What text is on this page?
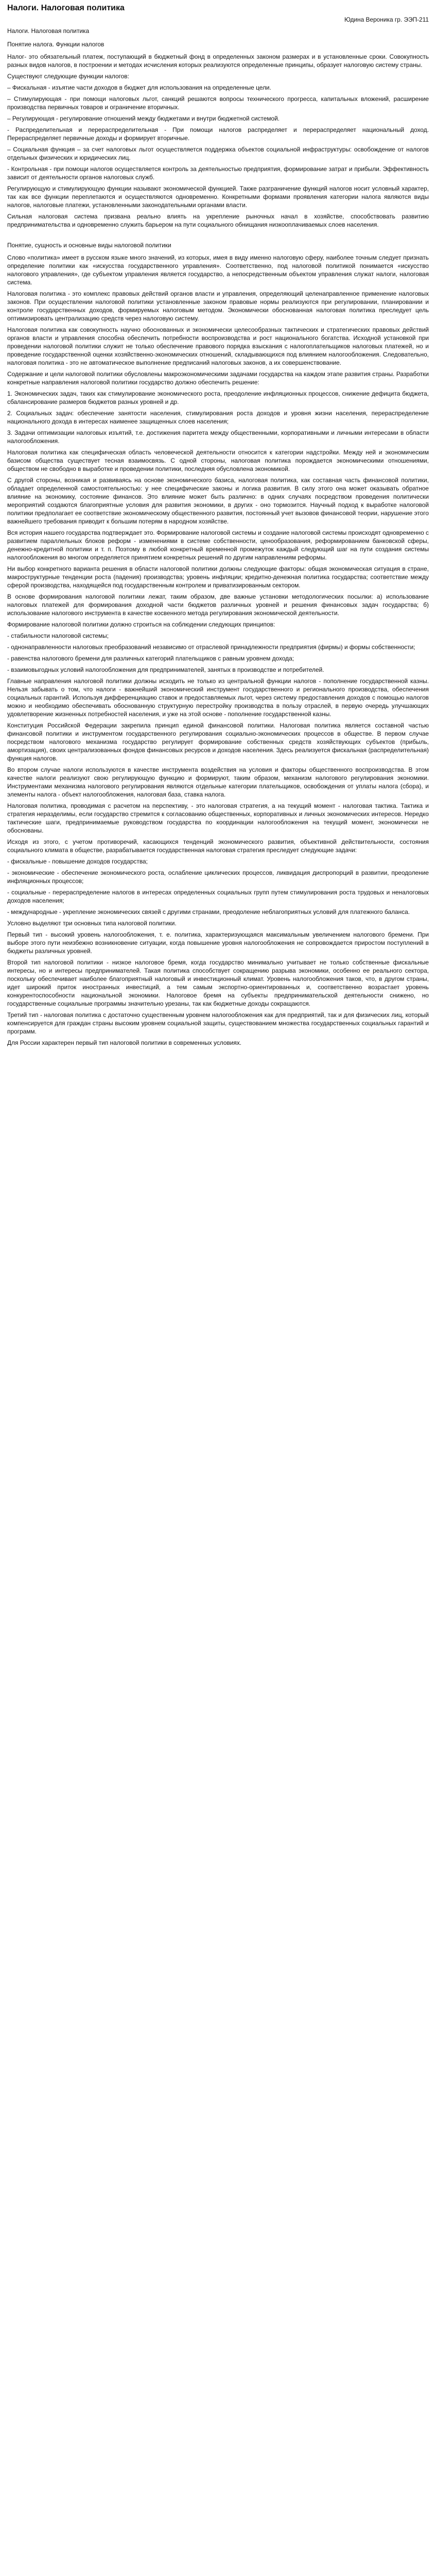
Налоги. Налоговая политика
Юдина Вероника гр. ЭЭП-211
Налоги. Налоговая политика

Понятие налога. Функции налогов

Налог- это обязательный платеж, поступающий в бюджетный фонд в определенных законом размерах и в установленные сроки. Совокупность разных видов налогов, в построении и методах исчисления которых реализуются определенные принципы, образует налоговую систему страны.

Существуют следующие функции налогов:

– Фискальная - изъятие части доходов в бюджет для использования на определенные цели.

– Стимулирующая - при помощи налоговых льгот, санкций решаются вопросы технического прогресса, капитальных вложений, расширение производства первичных товаров и ограничение вторичных.

– Регулирующая - регулирование отношений между бюджетами и внутри бюджетной системой.

- Распределительная и перераспределительная - При помощи налогов распределяет и перераспределяет национальный доход. Перераспределяет первичные доходы и формирует вторичные.

– Социальная функция – за счет налоговых льгот осуществляется поддержка объектов социальной инфраструктуры: освобождение от налогов отдельных физических и юридических лиц.

- Контрольная - при помощи налогов осуществляется контроль за деятельностью предприятия, формирование затрат и прибыли. Эффективность зависит от деятельности органов налоговых служб.

Регулирующую и стимулирующую функции называют экономической функцией. Также разграничение функций налогов носит условный характер, так как все функции переплетаются и осуществляются одновременно. Конкретными формами проявления категории налога являются виды налогов, налоговые платежи, установленными законодательными органами власти.

Сильная налоговая система призвана реально влиять на укрепление рыночных начал в хозяйстве, способствовать развитию предпринимательства и одновременно служить барьером на пути социального обнищания низкооплачиваемых слоев населения.

Понятие, сущность и основные виды налоговой политики

Слово «политика» имеет в русском языке много значений, из которых, имея в виду именно налоговую сферу, наиболее точным следует признать определение политики как «искусства государственного управления». Соответственно, под налоговой политикой понимается «искусство налогового управления», где субъектом управления является государство, а непосредственным объектом управления служат налоги, налоговая система.

Налоговая политика - это комплекс правовых действий органов власти и управления, определяющий целенаправленное применение налоговых законов. При осуществлении налоговой политики установленные законом правовые нормы реализуются при регулировании, планировании и контроле государственных доходов, формируемых налоговым методом. Экономически обоснованная налоговая политика преследует цель оптимизировать централизацию средств через налоговую систему.

Налоговая политика как совокупность научно обоснованных и экономически целесообразных тактических и стратегических правовых действий органов власти и управления способна обеспечить потребности воспроизводства и рост национального богатства. Исходной установкой при проведении налоговой политики служит не только обеспечение правового порядка взыскания с налогоплательщиков налоговых платежей, но и проведение государственной оценки хозяйственно-экономических отношений, складывающихся под влиянием налогообложения. Следовательно, налоговая политика - это не автоматическое выполнение предписаний налоговых законов, а их совершенствование.

Содержание и цели налоговой политики обусловлены макроэкономическими задачами государства на каждом этапе развития страны. Разработки конкретные направления налоговой политики государство должно обеспечить решение:

1. Экономических задач, таких как стимулирование экономического роста, преодоление инфляционных процессов, снижение дефицита бюджета, сбалансирование размеров бюджетов разных уровней и др.

2. Социальных задач: обеспечение занятости населения, стимулирования роста доходов и уровня жизни населения, перераспределение национального дохода в интересах наименее защищенных слоев населения;

3. Задачи оптимизации налоговых изъятий, т.е. достижения паритета между общественными, корпоративными и личными интересами в области налогообложения.

Налоговая политика как специфическая область человеческой деятельности относится к категории надстройки. Между ней и экономическим базисом общества существует тесная взаимосвязь. С одной стороны, налоговая политика порождается экономическими отношениями, обществом не свободно в выработке и проведении политики, последняя обусловлена экономикой.

С другой стороны, возникая и развиваясь на основе экономического базиса, налоговая политика, как составная часть финансовой политики, обладает определенной самостоятельностью: у нее специфические законы и логика развития. В силу этого она может оказывать обратное влияние на экономику, состояние финансов. Это влияние может быть различно: в одних случаях посредством проведения политически мероприятий создаются благоприятные условия для развития экономики, в других - оно тормозится. Научный подход к выработке налоговой политики предполагает ее соответствие экономическому общественного развития, постоянный учет вызовов финансовой теории, нарушение этого важнейшего требования приводит к большим потерям в народном хозяйстве.

Вся история нашего государства подтверждает это. Формирование налоговой системы и создание налоговой системы происходят одновременно с развитием параллельных блоков реформ - изменениями в системе собственности, ценообразования, реформированием банковской сферы, денежно-кредитной политики и т. п. Поэтому в любой конкретный временной промежуток каждый следующий шаг на пути создания системы налогообложения во многом определяется принятием конкретных решений по другим направлениям реформы.

Ни выбор конкретного варианта решения в области налоговой политики должны следующие факторы: общая экономическая ситуация в стране, макроструктурные тенденции роста (падения) производства; уровень инфляции; кредитно-денежная политика государства; соответствие между сферой производства, находящейся под государственным контролем и приватизированным сектором.

В основе формирования налоговой политики лежат, таким образом, две важные установки методологических посылки: а) использование налоговых платежей для формирования доходной части бюджетов различных уровней и решения финансовых задач государства; б) использование налогового инструмента в качестве косвенного метода регулирования экономической деятельности.

Формирование налоговой политики должно строиться на соблюдении следующих принципов:

- стабильности налоговой системы;

- однонаправленности налоговых преобразований независимо от отраслевой принадлежности предприятия (фирмы) и формы собственности;

- равенства налогового бремени для различных категорий плательщиков с равным уровнем дохода;

- взаимовыгодных условий налогообложения для предпринимателей, занятых в производстве и потребителей.

Главные направления налоговой политики должны исходить не только из центральной функции налогов - пополнение государственной казны. Нельзя забывать о том, что налоги - важнейший экономический инструмент государственного и регионального производства, обеспечения социальных гарантий. Используя дифференциацию ставок и предоставляемых льгот, через систему предоставления доходов с помощью налогов можно и необходимо обеспечивать обоснованную структурную перестройку производства в пользу отраслей, в первую очередь улучшающих удовлетворение жизненных потребностей населения, и уже на этой основе - пополнение государственной казны.

Конституция Российской Федерации закрепила принцип единой финансовой политики. Налоговая политика является составной частью финансовой политики и инструментом государственного регулирования социально-экономических процессов в обществе. В первом случае посредством налогового механизма государство регулирует формирование собственных средств хозяйствующих субъектов (прибыль, амортизация), своих централизованных фондов финансовых ресурсов и доходов населения. Здесь реализуется фискальная (распределительная) функция налогов.

Во втором случае налоги используются в качестве инструмента воздействия на условия и факторы общественного воспроизводства. В этом качестве налоги реализуют свою регулирующую функцию и формируют, таким образом, механизм налогового регулирования экономики. Инструментами механизма налогового регулирования являются отдельные категории плательщиков, освобождения от уплаты налога (сбора), и элементы налога - объект налогообложения, налоговая база, ставка налога.

Налоговая политика, проводимая с расчетом на перспективу, - это налоговая стратегия, а на текущий момент - налоговая тактика. Тактика и стратегия неразделимы, если государство стремится к согласованию общественных, корпоративных и личных экономических интересов. Нередко тактические шаги, предпринимаемые руководством государства по координации налогообложения на текущий момент, экономически не обоснованы.

Исходя из этого, с учетом противоречий, касающихся тенденций экономического развития, объективной действительности, состояния социального климата в обществе, разрабатывается государственная налоговая стратегия преследует следующие задачи:

- фискальные - повышение доходов государства;

- экономические - обеспечение экономического роста, ослабление циклических процессов, ликвидация диспропорций в развитии, преодоление инфляционных процессов;

- социальные - перераспределение налогов в интересах определенных социальных групп путем стимулирования роста трудовых и неналоговых доходов населения;

- международные - укрепление экономических связей с другими странами, преодоление неблагоприятных условий для платежного баланса.

Условно выделяют три основных типа налоговой политики.

Первый тип - высокий уровень налогообложения, т. е. политика, характеризующаяся максимальным увеличением налогового бремени. При выборе этого пути неизбежно возникновение ситуации, когда повышение уровня налогообложения не сопровождается приростом поступлений в бюджеты различных уровней.

Второй тип налоговой политики - низкое налоговое бремя, когда государство минимально учитывает не только собственные фискальные интересы, но и интересы предпринимателей. Такая политика способствует сокращению разрыва экономики, особенно ее реального сектора, поскольку обеспечивает наиболее благоприятный налоговый и инвестиционный климат. Уровень налогообложения таков, что, в другом страны, идет широкий приток иностранных инвестиций, а тем самым экспортно-ориентированных и, соответственно возрастает уровень конкурентоспособности национальной экономики. Налоговое бремя на субъекты предпринимательской деятельности снижено, но государственные социальные программы значительно урезаны, так как бюджетные доходы сокращаются.

Третий тип - налоговая политика с достаточно существенным уровнем налогообложения как для предприятий, так и для физических лиц, который компенсируется для граждан страны высоким уровнем социальной защиты, существованием множества государственных социальных гарантий и программ.

Для России характерен первый тип налоговой политики в современных условиях.
